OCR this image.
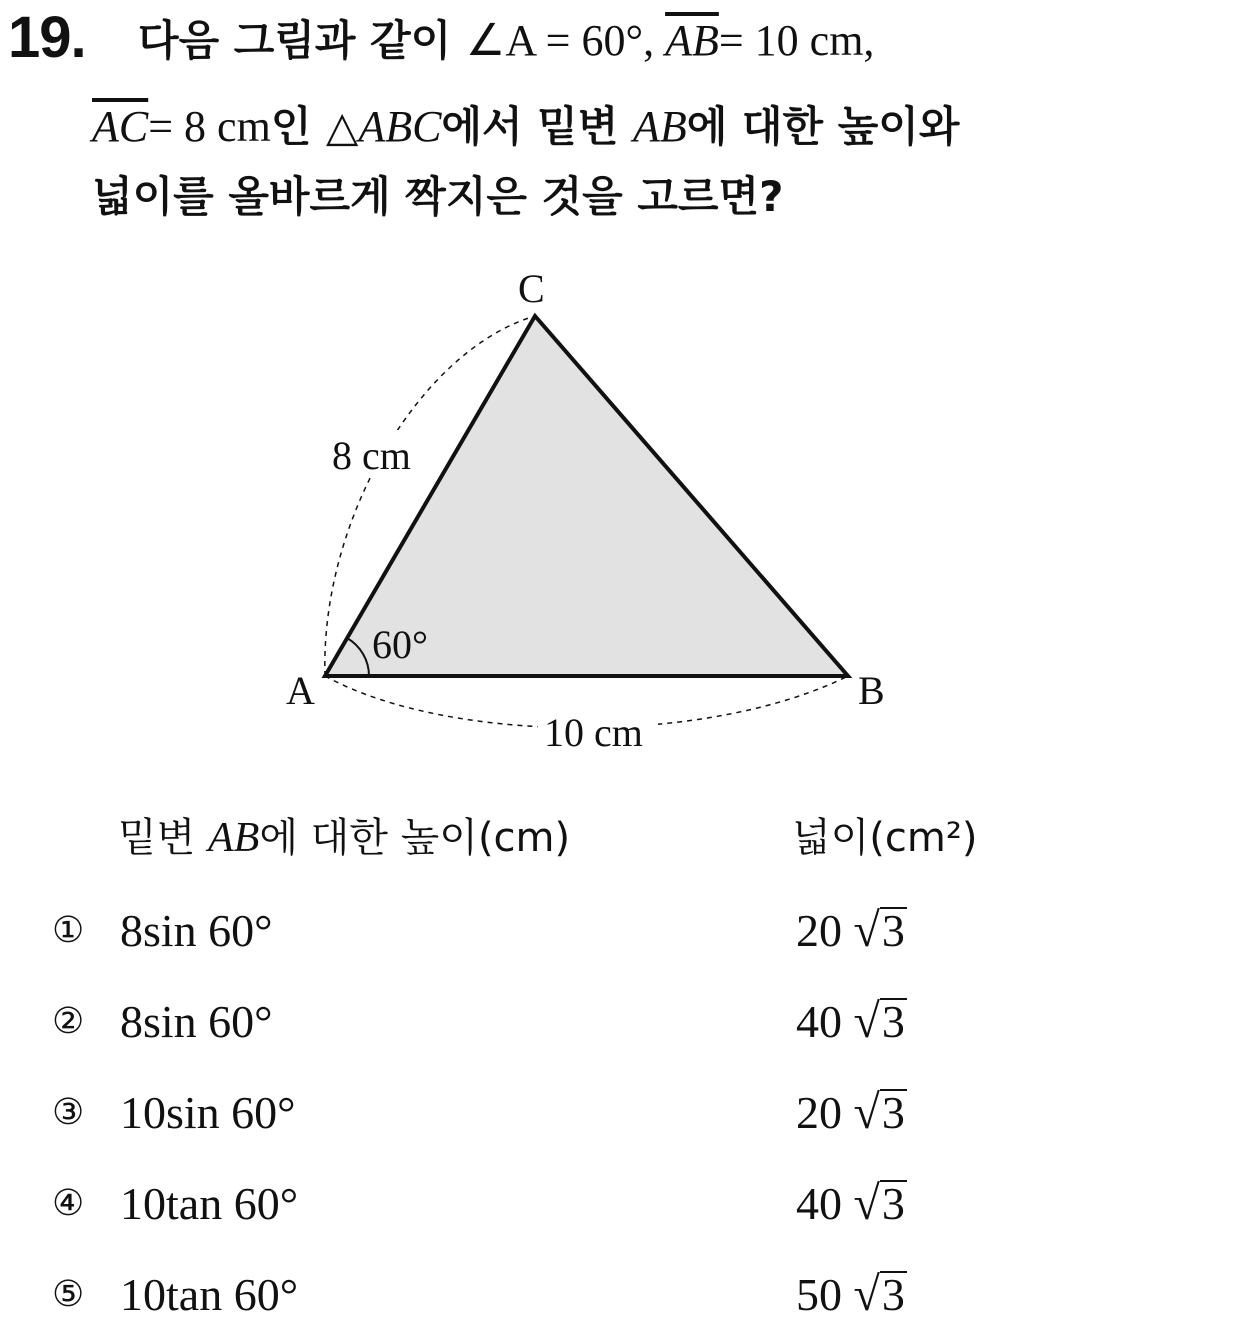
19. 다음 그림과 같이 ∠A = 60°, $\overline{AB}= 10$ cm,
$\overline{AC}= 8$ cm인 △ABC에서 밑변 AB에 대한 높이와
넓이를 올바르게 짝지은 것을 고르면?
C
A	B
8 cm
10 cm
60°
밑변 AB에 대한 높이(cm)	넓이(cm²)
① 8sin 60°	20 √3
② 8sin 60°	40 √3
③ 10sin 60°	20 √3
④ 10tan 60°	40 √3
⑤ 10tan 60°	50 √3
